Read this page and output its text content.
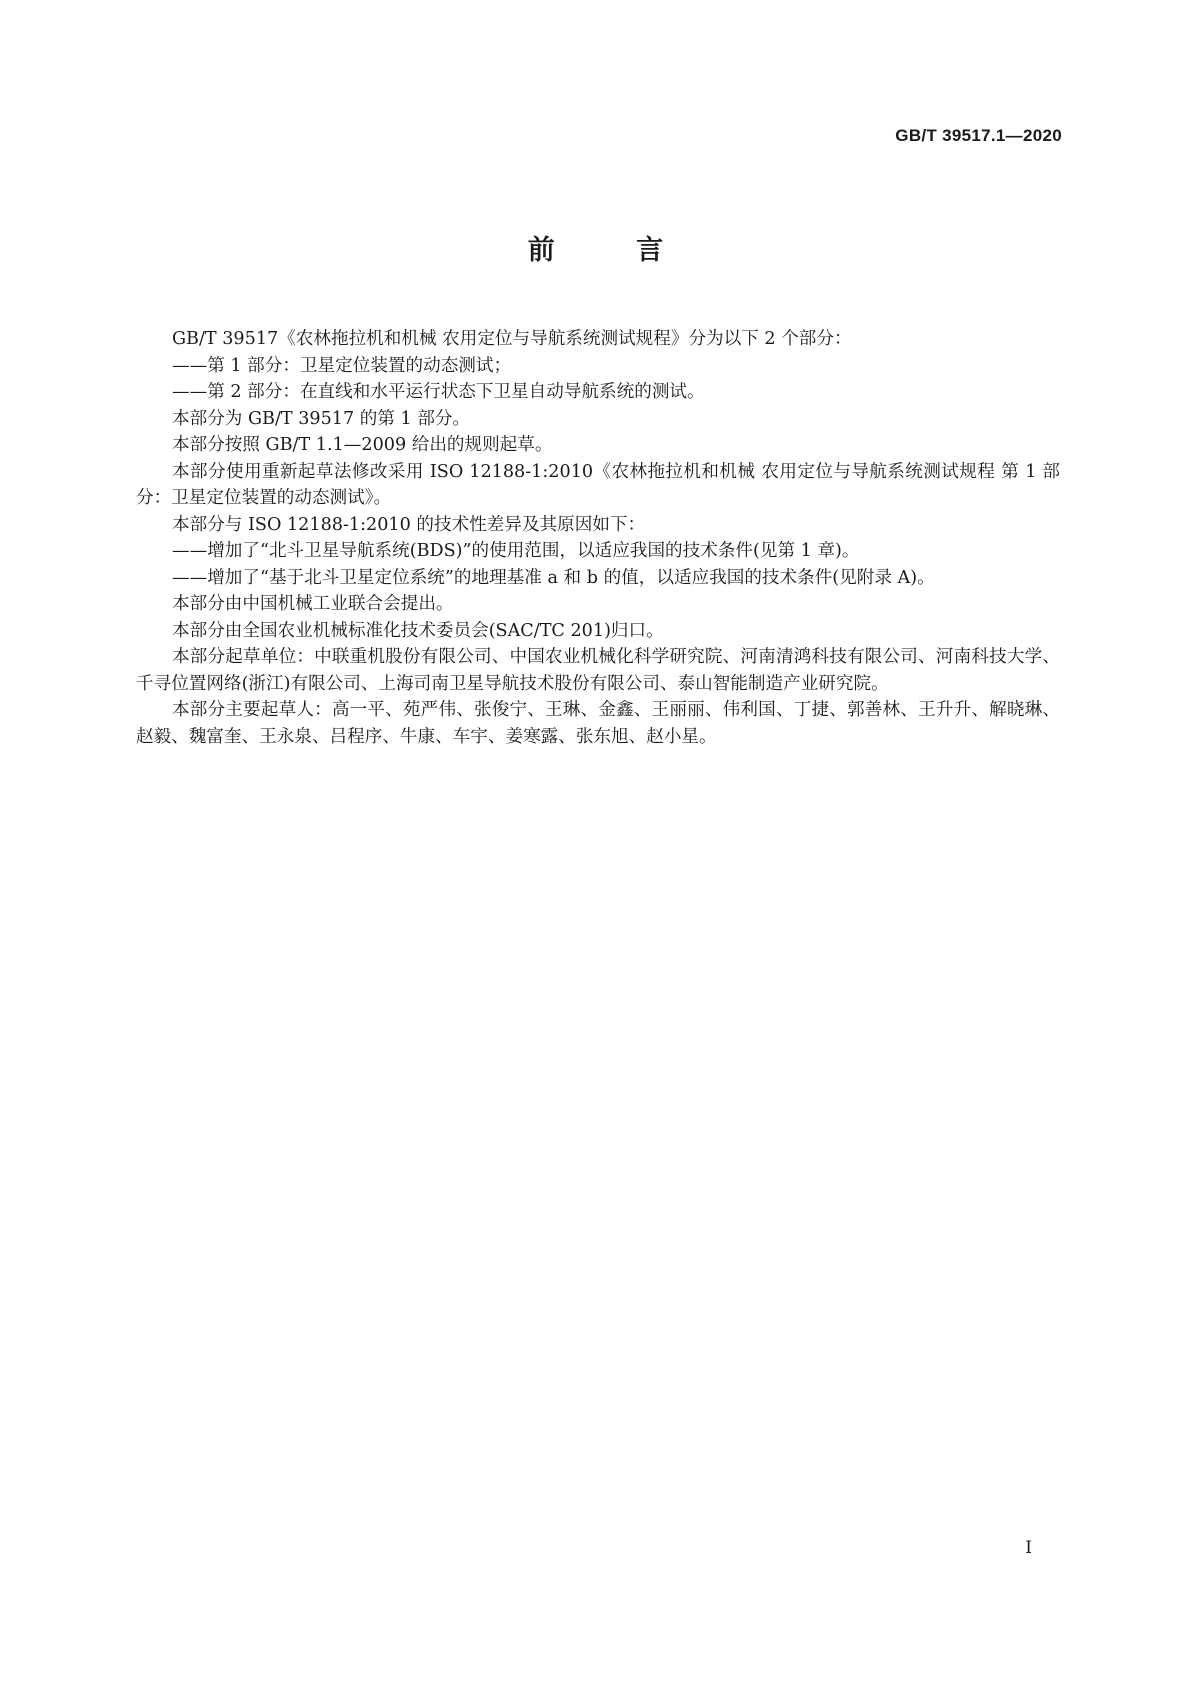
GB/T 39517.1—2020
前 言

GB/T 39517《农林拖拉机和机械 农用定位与导航系统测试规程》分为以下 2 个部分：

——第 1 部分：卫星定位装置的动态测试；

——第 2 部分：在直线和水平运行状态下卫星自动导航系统的测试。

本部分为 GB/T 39517 的第 1 部分。

本部分按照 GB/T 1.1—2009 给出的规则起草。

本部分使用重新起草法修改采用 ISO 12188-1:2010《农林拖拉机和机械 农用定位与导航系统测试规程 第 1 部分：卫星定位装置的动态测试》。

本部分与 ISO 12188-1:2010 的技术性差异及其原因如下：

——增加了“北斗卫星导航系统(BDS)”的使用范围，以适应我国的技术条件(见第 1 章)。

——增加了“基于北斗卫星定位系统”的地理基准 a 和 b 的值，以适应我国的技术条件(见附录 A)。

本部分由中国机械工业联合会提出。

本部分由全国农业机械标准化技术委员会(SAC/TC 201)归口。

本部分起草单位：中联重机股份有限公司、中国农业机械化科学研究院、河南清鸿科技有限公司、河南科技大学、千寻位置网络(浙江)有限公司、上海司南卫星导航技术股份有限公司、泰山智能制造产业研究院。

本部分主要起草人：高一平、苑严伟、张俊宁、王琳、金鑫、王丽丽、伟利国、丁捷、郭善林、王升升、解晓琳、赵毅、魏富奎、王永泉、吕程序、牛康、车宇、姜寒露、张东旭、赵小星。

I
